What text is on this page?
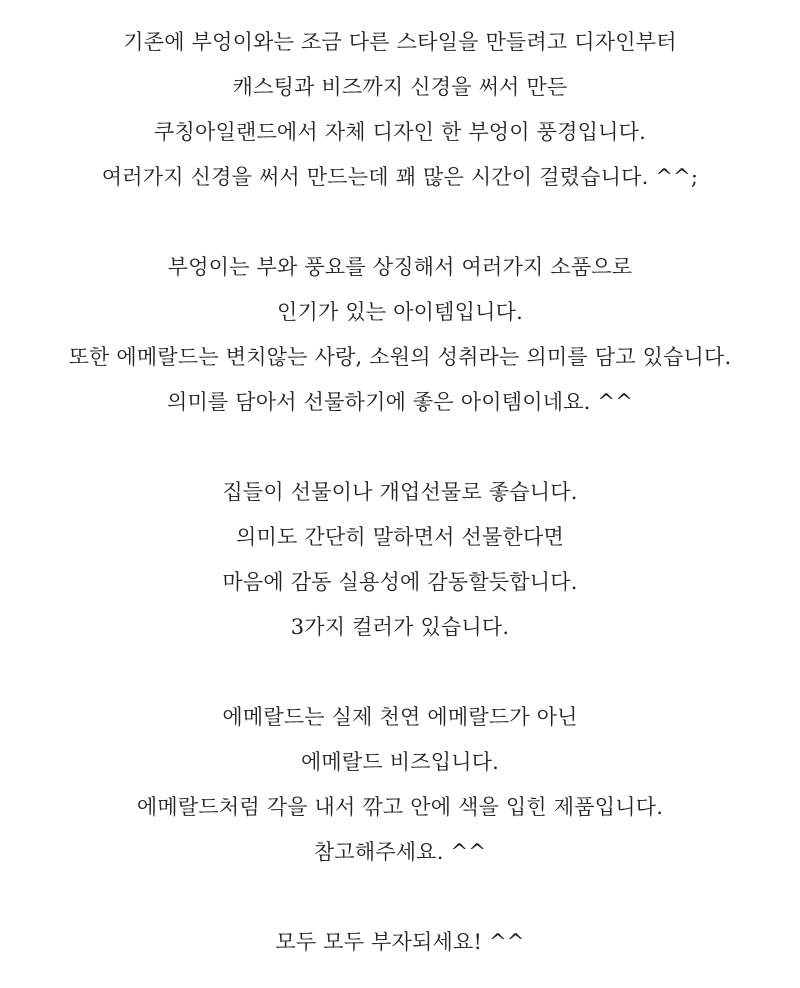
기존에 부엉이와는 조금 다른 스타일을 만들려고 디자인부터
캐스팅과 비즈까지 신경을 써서 만든
쿠칭아일랜드에서 자체 디자인 한 부엉이 풍경입니다.
여러가지 신경을 써서 만드는데 꽤 많은 시간이 걸렸습니다. ^^;
부엉이는 부와 풍요를 상징해서 여러가지 소품으로
인기가 있는 아이템입니다.
또한 에메랄드는 변치않는 사랑, 소원의 성취라는 의미를 담고 있습니다.
의미를 담아서 선물하기에 좋은 아이템이네요. ^^
집들이 선물이나 개업선물로 좋습니다.
의미도 간단히 말하면서 선물한다면
마음에 감동 실용성에 감동할듯합니다.
3가지 컬러가 있습니다.
에메랄드는 실제 천연 에메랄드가 아닌
에메랄드 비즈입니다.
에메랄드처럼 각을 내서 깎고 안에 색을 입힌 제품입니다.
참고해주세요. ^^
모두 모두 부자되세요! ^^
